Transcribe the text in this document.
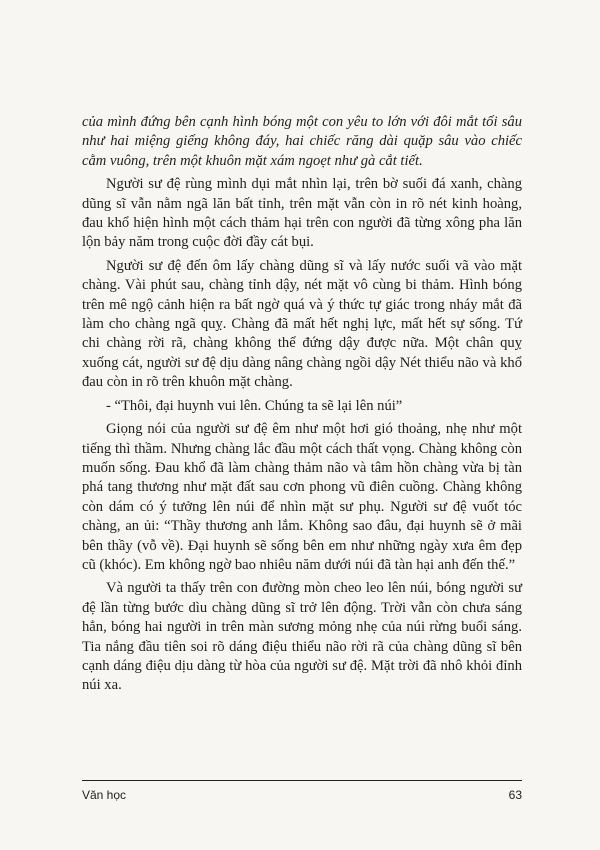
của mình đứng bên cạnh hình bóng một con yêu to lớn với đôi mắt tối sâu như hai miệng giếng không đáy, hai chiếc răng dài quặp sâu vào chiếc cằm vuông, trên một khuôn mặt xám ngoẹt như gà cắt tiết.

Người sư đệ rùng mình dụi mắt nhìn lại, trên bờ suối đá xanh, chàng dũng sĩ vẫn nằm ngã lăn bất tỉnh, trên mặt vẫn còn in rõ nét kinh hoàng, đau khổ hiện hình một cách thảm hại trên con người đã từng xông pha lăn lộn bảy năm trong cuộc đời đầy cát bụi.

Người sư đệ đến ôm lấy chàng dũng sĩ và lấy nước suối vã vào mặt chàng. Vài phút sau, chàng tỉnh dậy, nét mặt vô cùng bi thảm. Hình bóng trên mê ngộ cảnh hiện ra bất ngờ quá và ý thức tự giác trong nháy mắt đã làm cho chàng ngã quỵ. Chàng đã mất hết nghị lực, mất hết sự sống. Tứ chi chàng rời rã, chàng không thể đứng dậy được nữa. Một chân quỵ xuống cát, người sư đệ dịu dàng nâng chàng ngồi dậy Nét thiểu não và khổ đau còn in rõ trên khuôn mặt chàng.

- “Thôi, đại huynh vui lên. Chúng ta sẽ lại lên núi”

Giọng nói của người sư đệ êm như một hơi gió thoảng, nhẹ như một tiếng thì thầm. Nhưng chàng lắc đầu một cách thất vọng. Chàng không còn muốn sống. Đau khổ đã làm chàng thảm não và tâm hồn chàng vừa bị tàn phá tang thương như mặt đất sau cơn phong vũ điên cuồng. Chàng không còn dám có ý tưởng lên núi để nhìn mặt sư phụ. Người sư đệ vuốt tóc chàng, an ủi: “Thầy thương anh lắm. Không sao đâu, đại huynh sẽ ở mãi bên thầy (vỗ về). Đại huynh sẽ sống bên em như những ngày xưa êm đẹp cũ (khóc). Em không ngờ bao nhiêu năm dưới núi đã tàn hại anh đến thế.”

Và người ta thấy trên con đường mòn cheo leo lên núi, bóng người sư đệ lần từng bước dìu chàng dũng sĩ trở lên động. Trời vẫn còn chưa sáng hẳn, bóng hai người in trên màn sương mỏng nhẹ của núi rừng buổi sáng. Tia nắng đầu tiên soi rõ dáng điệu thiểu não rời rã của chàng dũng sĩ bên cạnh dáng điệu dịu dàng từ hòa của người sư đệ. Mặt trời đã nhô khỏi đỉnh núi xa.

Văn học	63
